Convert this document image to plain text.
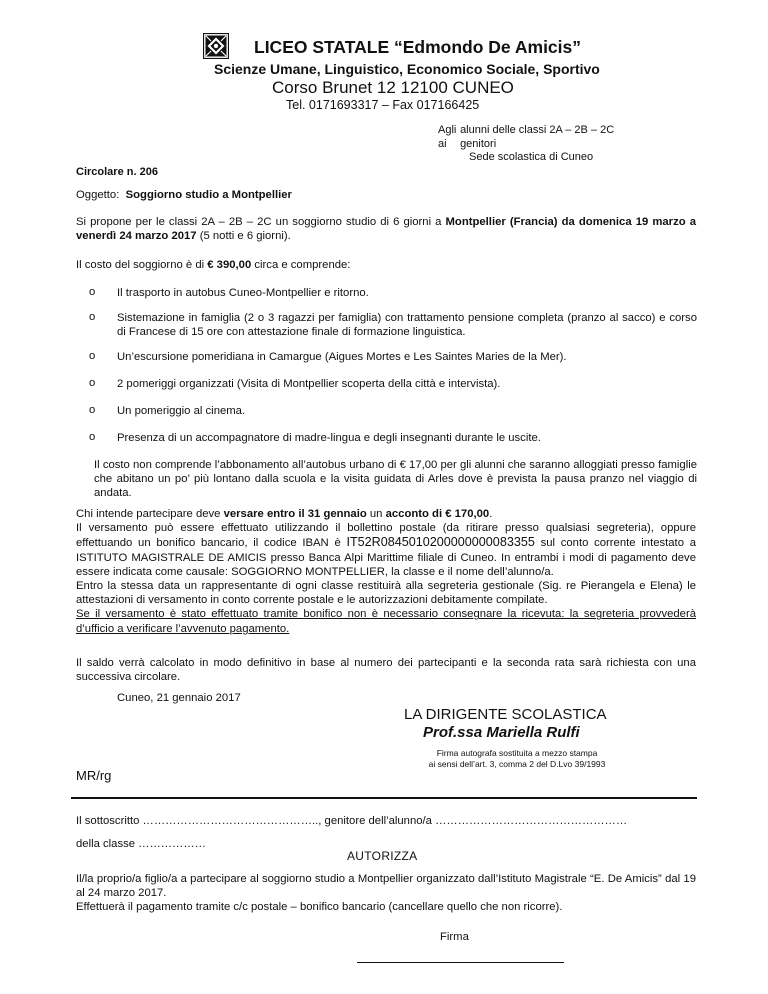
LICEO STATALE “Edmondo De Amicis”
Scienze Umane, Linguistico, Economico Sociale, Sportivo
Corso Brunet 12 12100 CUNEO
Tel. 0171693317 – Fax 017166425
Agli alunni delle classi 2A – 2B – 2C
ai genitori
Sede scolastica di Cuneo
Circolare n. 206
Oggetto: Soggiorno studio a Montpellier
Si propone per le classi 2A – 2B – 2C un soggiorno studio di 6 giorni a Montpellier (Francia) da domenica 19 marzo a venerdì 24 marzo 2017 (5 notti e 6 giorni).
Il costo del soggiorno è di € 390,00 circa e comprende:
o Il trasporto in autobus Cuneo-Montpellier e ritorno.
o Sistemazione in famiglia (2 o 3 ragazzi per famiglia) con trattamento pensione completa (pranzo al sacco) e corso di Francese di 15 ore con attestazione finale di formazione linguistica.
o Un’escursione pomeridiana in Camargue (Aigues Mortes e Les Saintes Maries de la Mer).
o 2 pomeriggi organizzati (Visita di Montpellier scoperta della città e intervista).
o Un pomeriggio al cinema.
o Presenza di un accompagnatore di madre-lingua e degli insegnanti durante le uscite.
Il costo non comprende l’abbonamento all’autobus urbano di € 17,00 per gli alunni che saranno alloggiati presso famiglie che abitano un po’ più lontano dalla scuola e la visita guidata di Arles dove è prevista la pausa pranzo nel viaggio di andata.
Chi intende partecipare deve versare entro il 31 gennaio un acconto di € 170,00.
Il versamento può essere effettuato utilizzando il bollettino postale (da ritirare presso qualsiasi segreteria), oppure effettuando un bonifico bancario, il codice IBAN è IT52R0845010200000000083355 sul conto corrente intestato a ISTITUTO MAGISTRALE DE AMICIS presso Banca Alpi Marittime filiale di Cuneo. In entrambi i modi di pagamento deve essere indicata come causale: SOGGIORNO MONTPELLIER, la classe e il nome dell’alunno/a.
Entro la stessa data un rappresentante di ogni classe restituirà alla segreteria gestionale (Sig. re Pierangela e Elena) le attestazioni di versamento in conto corrente postale e le autorizzazioni debitamente compilate.
Se il versamento è stato effettuato tramite bonifico non è necessario consegnare la ricevuta: la segreteria provvederà d’ufficio a verificare l’avvenuto pagamento.
Il saldo verrà calcolato in modo definitivo in base al numero dei partecipanti e la seconda rata sarà richiesta con una successiva circolare.
Cuneo, 21 gennaio 2017
LA DIRIGENTE SCOLASTICA
Prof.ssa Mariella Rulfi
Firma autografa sostituita a mezzo stampa
ai sensi dell’art. 3, comma 2 del D.Lvo 39/1993
MR/rg
Il sottoscritto ……………………………………….., genitore dell’alunno/a ……………………………………………
della classe ………………
AUTORIZZA
Il/la proprio/a figlio/a a partecipare al soggiorno studio a Montpellier organizzato dall’Istituto Magistrale “E. De Amicis” dal 19 al 24 marzo 2017.
Effettuerà il pagamento tramite c/c postale – bonifico bancario (cancellare quello che non ricorre).
Firma
